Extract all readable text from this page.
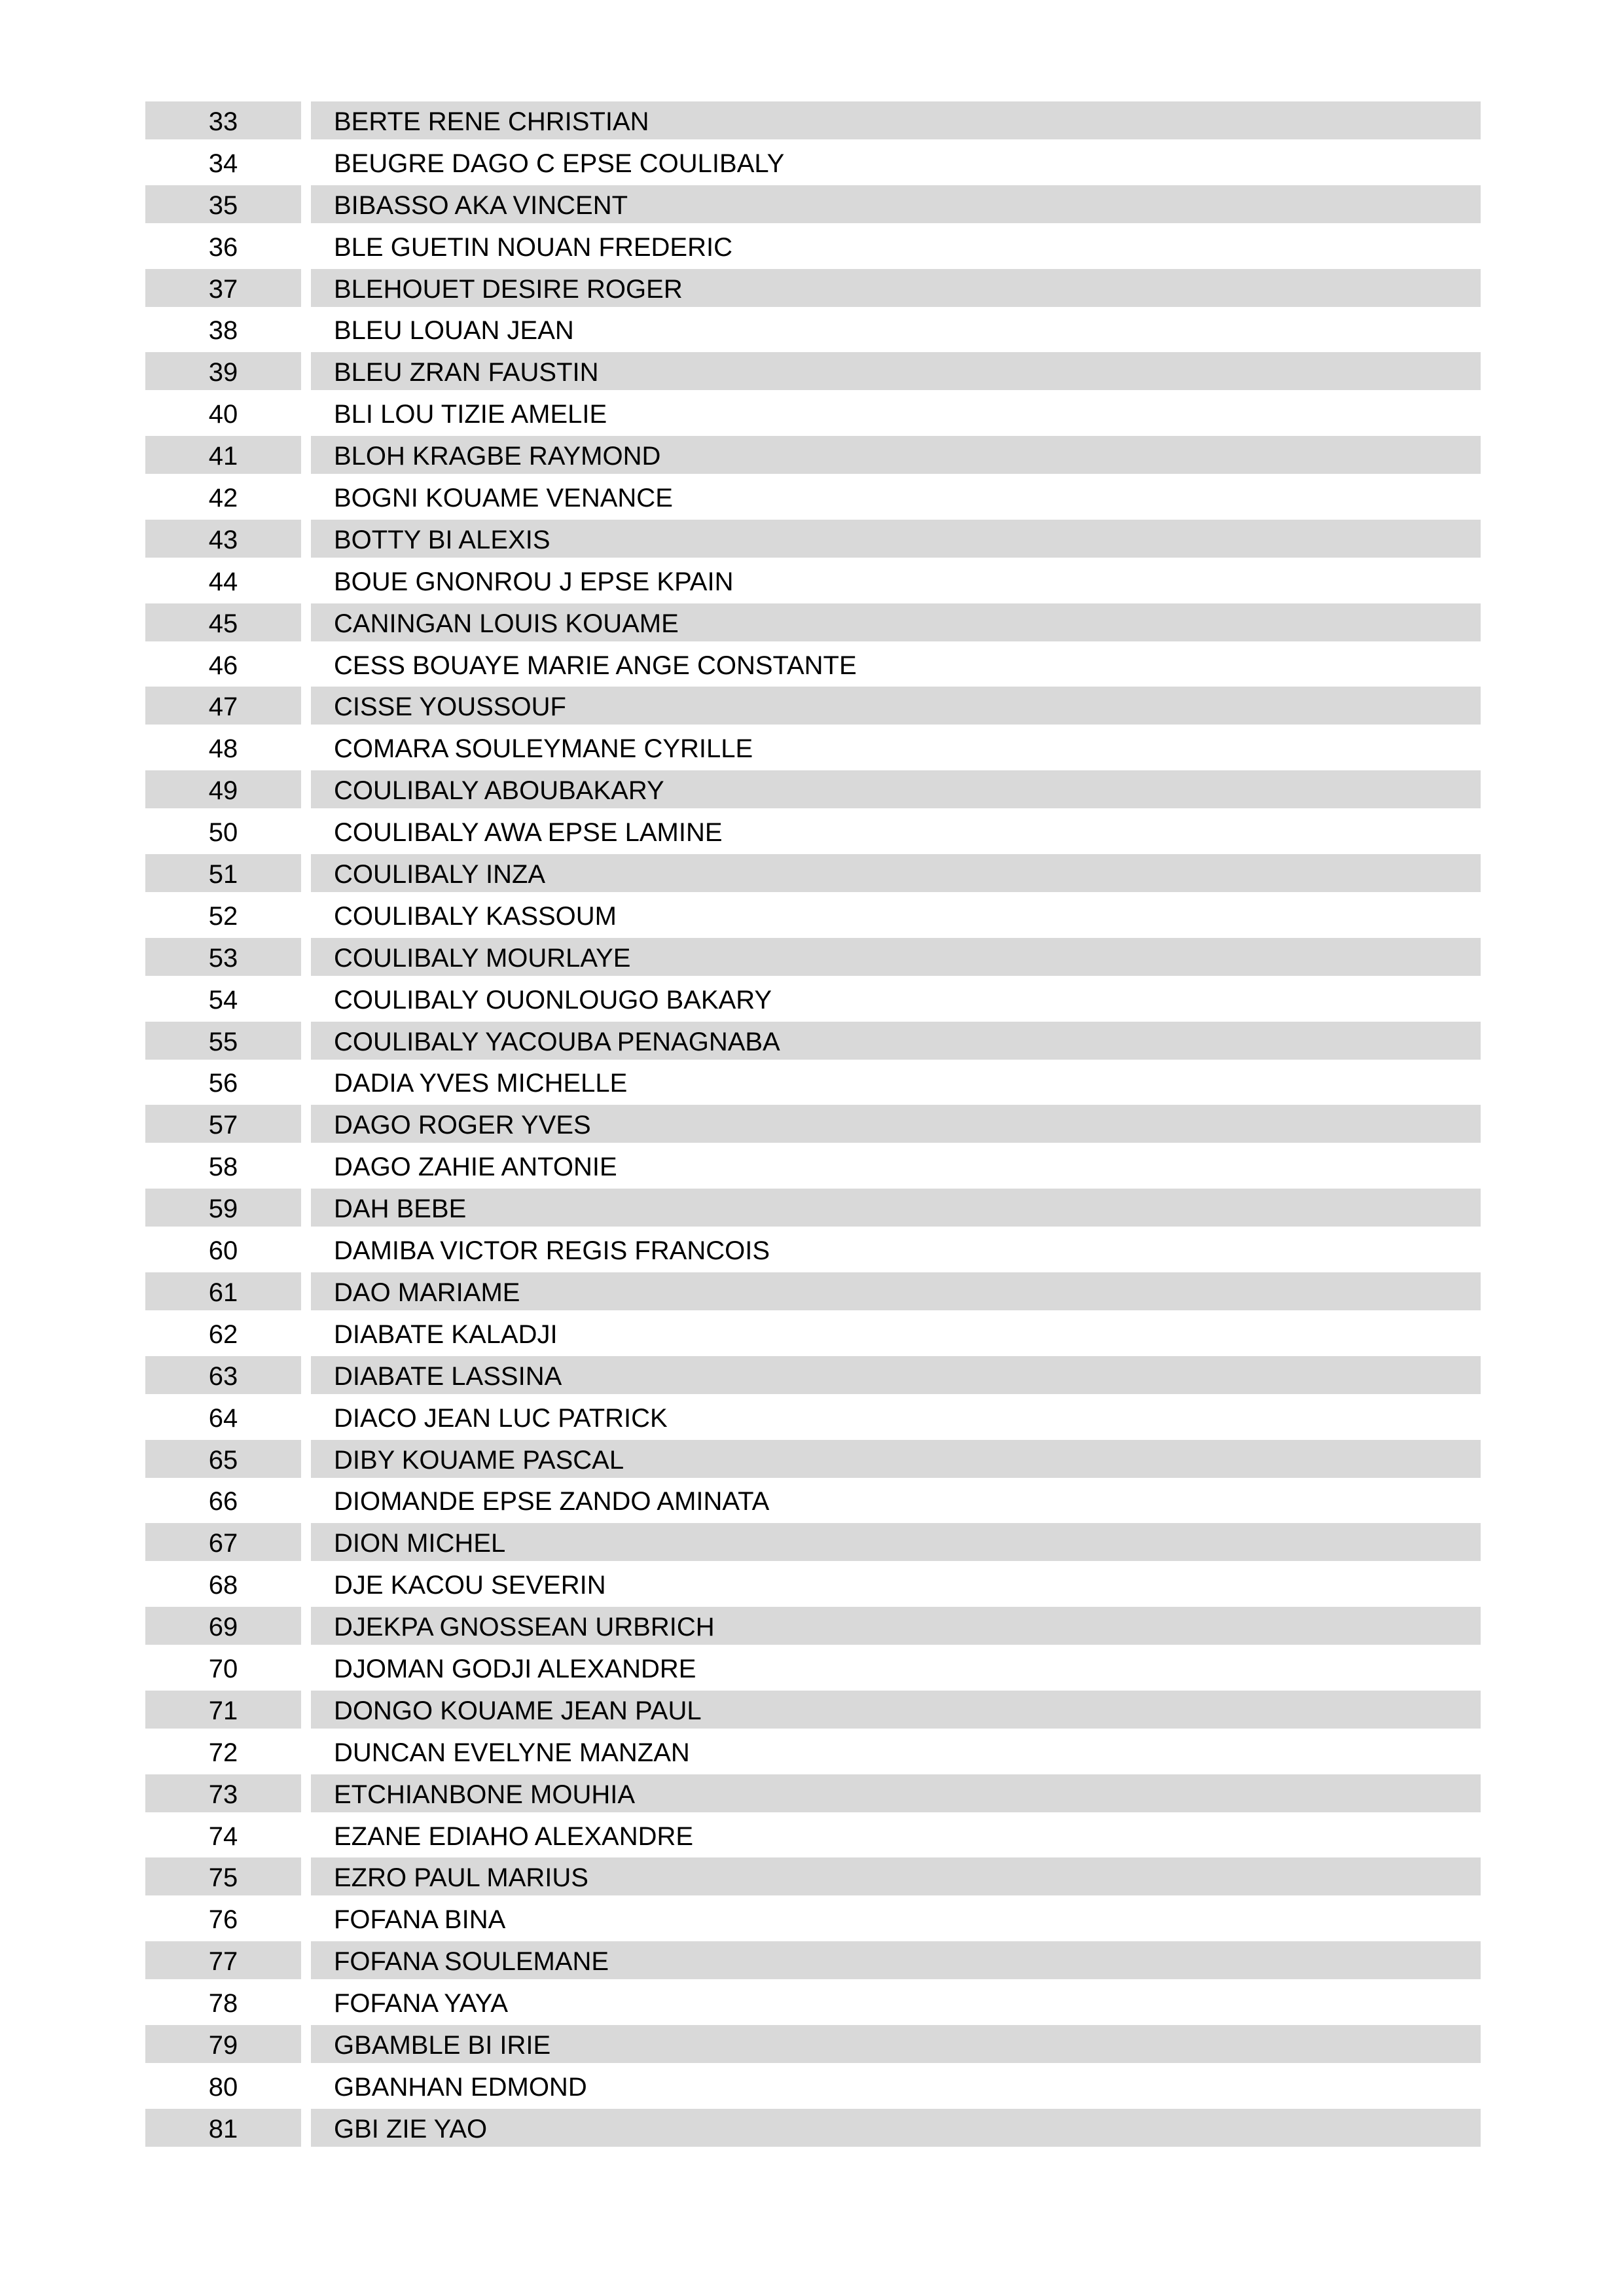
33	BERTE RENE CHRISTIAN
34	BEUGRE DAGO C EPSE COULIBALY
35	BIBASSO AKA VINCENT
36	BLE GUETIN NOUAN FREDERIC
37	BLEHOUET DESIRE ROGER
38	BLEU LOUAN JEAN
39	BLEU ZRAN FAUSTIN
40	BLI LOU TIZIE AMELIE
41	BLOH KRAGBE RAYMOND
42	BOGNI KOUAME VENANCE
43	BOTTY BI ALEXIS
44	BOUE GNONROU J EPSE KPAIN
45	CANINGAN LOUIS KOUAME
46	CESS BOUAYE MARIE ANGE CONSTANTE
47	CISSE YOUSSOUF
48	COMARA SOULEYMANE CYRILLE
49	COULIBALY ABOUBAKARY
50	COULIBALY AWA EPSE LAMINE
51	COULIBALY INZA
52	COULIBALY KASSOUM
53	COULIBALY MOURLAYE
54	COULIBALY OUONLOUGO BAKARY
55	COULIBALY YACOUBA PENAGNABA
56	DADIA YVES MICHELLE
57	DAGO ROGER YVES
58	DAGO ZAHIE ANTONIE
59	DAH BEBE
60	DAMIBA VICTOR REGIS FRANCOIS
61	DAO MARIAME
62	DIABATE KALADJI
63	DIABATE LASSINA
64	DIACO JEAN LUC PATRICK
65	DIBY KOUAME PASCAL
66	DIOMANDE EPSE ZANDO AMINATA
67	DION MICHEL
68	DJE KACOU SEVERIN
69	DJEKPA GNOSSEAN URBRICH
70	DJOMAN GODJI ALEXANDRE
71	DONGO KOUAME JEAN PAUL
72	DUNCAN EVELYNE MANZAN
73	ETCHIANBONE MOUHIA
74	EZANE EDIAHO ALEXANDRE
75	EZRO PAUL MARIUS
76	FOFANA BINA
77	FOFANA SOULEMANE
78	FOFANA YAYA
79	GBAMBLE BI IRIE
80	GBANHAN EDMOND
81	GBI ZIE YAO
